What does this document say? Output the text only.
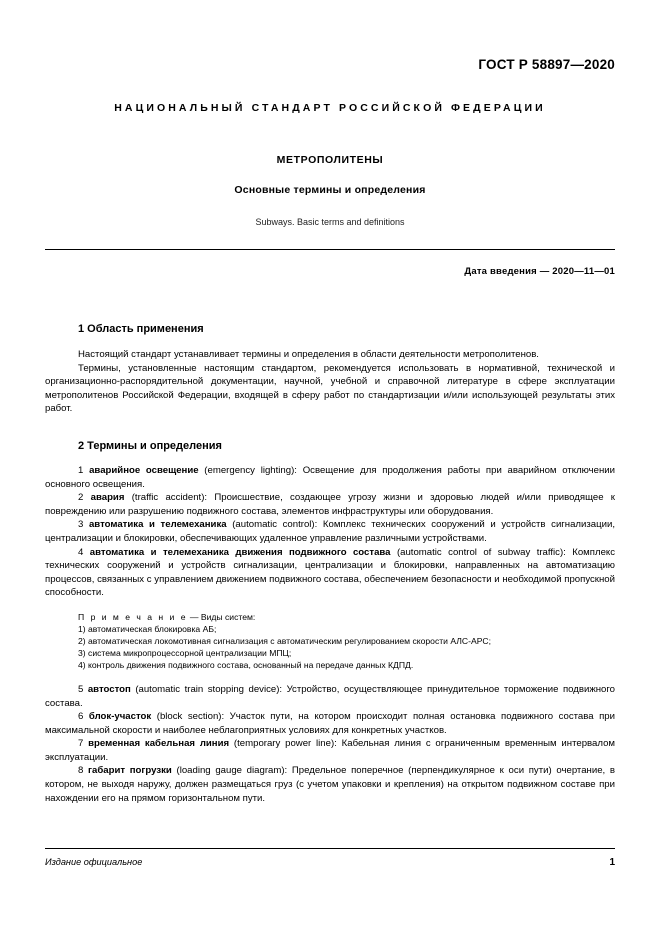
ГОСТ Р 58897—2020
НАЦИОНАЛЬНЫЙ СТАНДАРТ РОССИЙСКОЙ ФЕДЕРАЦИИ
МЕТРОПОЛИТЕНЫ
Основные термины и определения
Subways. Basic terms and definitions
Дата введения — 2020—11—01
1 Область применения

Настоящий стандарт устанавливает термины и определения в области деятельности метрополитенов.

Термины, установленные настоящим стандартом, рекомендуется использовать в нормативной, технической и организационно-распорядительной документации, научной, учебной и справочной литературе в сфере эксплуатации метрополитенов Российской Федерации, входящей в сферу работ по стандартизации и/или использующей результаты этих работ.

2 Термины и определения

1 аварийное освещение (emergency lighting): Освещение для продолжения работы при аварийном отключении основного освещения.

2 авария (traffic accident): Происшествие, создающее угрозу жизни и здоровью людей и/или приводящее к повреждению или разрушению подвижного состава, элементов инфраструктуры или оборудования.

3 автоматика и телемеханика (automatic control): Комплекс технических сооружений и устройств сигнализации, централизации и блокировки, обеспечивающих удаленное управление различными устройствами.

4 автоматика и телемеханика движения подвижного состава (automatic control of subway traffic): Комплекс технических сооружений и устройств сигнализации, централизации и блокировки, направленных на автоматизацию процессов, связанных с управлением движением подвижного состава, обеспечением безопасности и необходимой пропускной способности.

П р и м е ч а н и е — Виды систем:
1) автоматическая блокировка АБ;
2) автоматическая локомотивная сигнализация с автоматическим регулированием скорости АЛС-АРС;
3) система микропроцессорной централизации МПЦ;
4) контроль движения подвижного состава, основанный на передаче данных КДПД.

5 автостоп (automatic train stopping device): Устройство, осуществляющее принудительное торможение подвижного состава.

6 блок-участок (block section): Участок пути, на котором происходит полная остановка подвижного состава при максимальной скорости и наиболее неблагоприятных условиях для конкретных участков.

7 временная кабельная линия (temporary power line): Кабельная линия с ограниченным временным интервалом эксплуатации.

8 габарит погрузки (loading gauge diagram): Предельное поперечное (перпендикулярное к оси пути) очертание, в котором, не выходя наружу, должен размещаться груз (с учетом упаковки и крепления) на открытом подвижном составе при нахождении его на прямом горизонтальном пути.

Издание официальное	1
